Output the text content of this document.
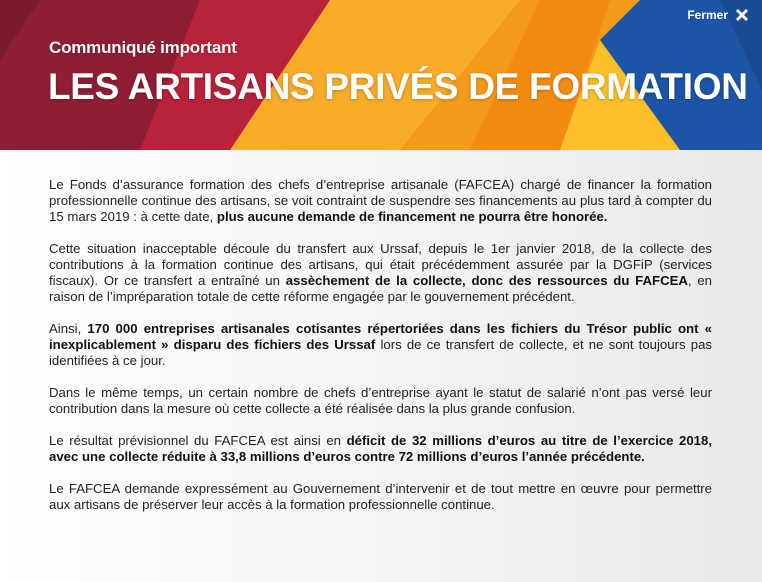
Fermer
Communiqué important
LES ARTISANS PRIVÉS DE FORMATION

Le Fonds d’assurance formation des chefs d’entreprise artisanale (FAFCEA) chargé de financer la formation professionnelle continue des artisans, se voit contraint de suspendre ses financements au plus tard à compter du 15 mars 2019 : à cette date, plus aucune demande de financement ne pourra être honorée.

Cette situation inacceptable découle du transfert aux Urssaf, depuis le 1er janvier 2018, de la collecte des contributions à la formation continue des artisans, qui était précédemment assurée par la DGFiP (services fiscaux). Or ce transfert a entraîné un assèchement de la collecte, donc des ressources du FAFCEA, en raison de l’impréparation totale de cette réforme engagée par le gouvernement précédent.

Ainsi, 170 000 entreprises artisanales cotisantes répertoriées dans les fichiers du Trésor public ont « inexplicablement » disparu des fichiers des Urssaf lors de ce transfert de collecte, et ne sont toujours pas identifiées à ce jour.

Dans le même temps, un certain nombre de chefs d’entreprise ayant le statut de salarié n’ont pas versé leur contribution dans la mesure où cette collecte a été réalisée dans la plus grande confusion.

Le résultat prévisionnel du FAFCEA est ainsi en déficit de 32 millions d’euros au titre de l’exercice 2018, avec une collecte réduite à 33,8 millions d’euros contre 72 millions d’euros l’année précédente.

Le FAFCEA demande expressément au Gouvernement d’intervenir et de tout mettre en œuvre pour permettre aux artisans de préserver leur accès à la formation professionnelle continue.
